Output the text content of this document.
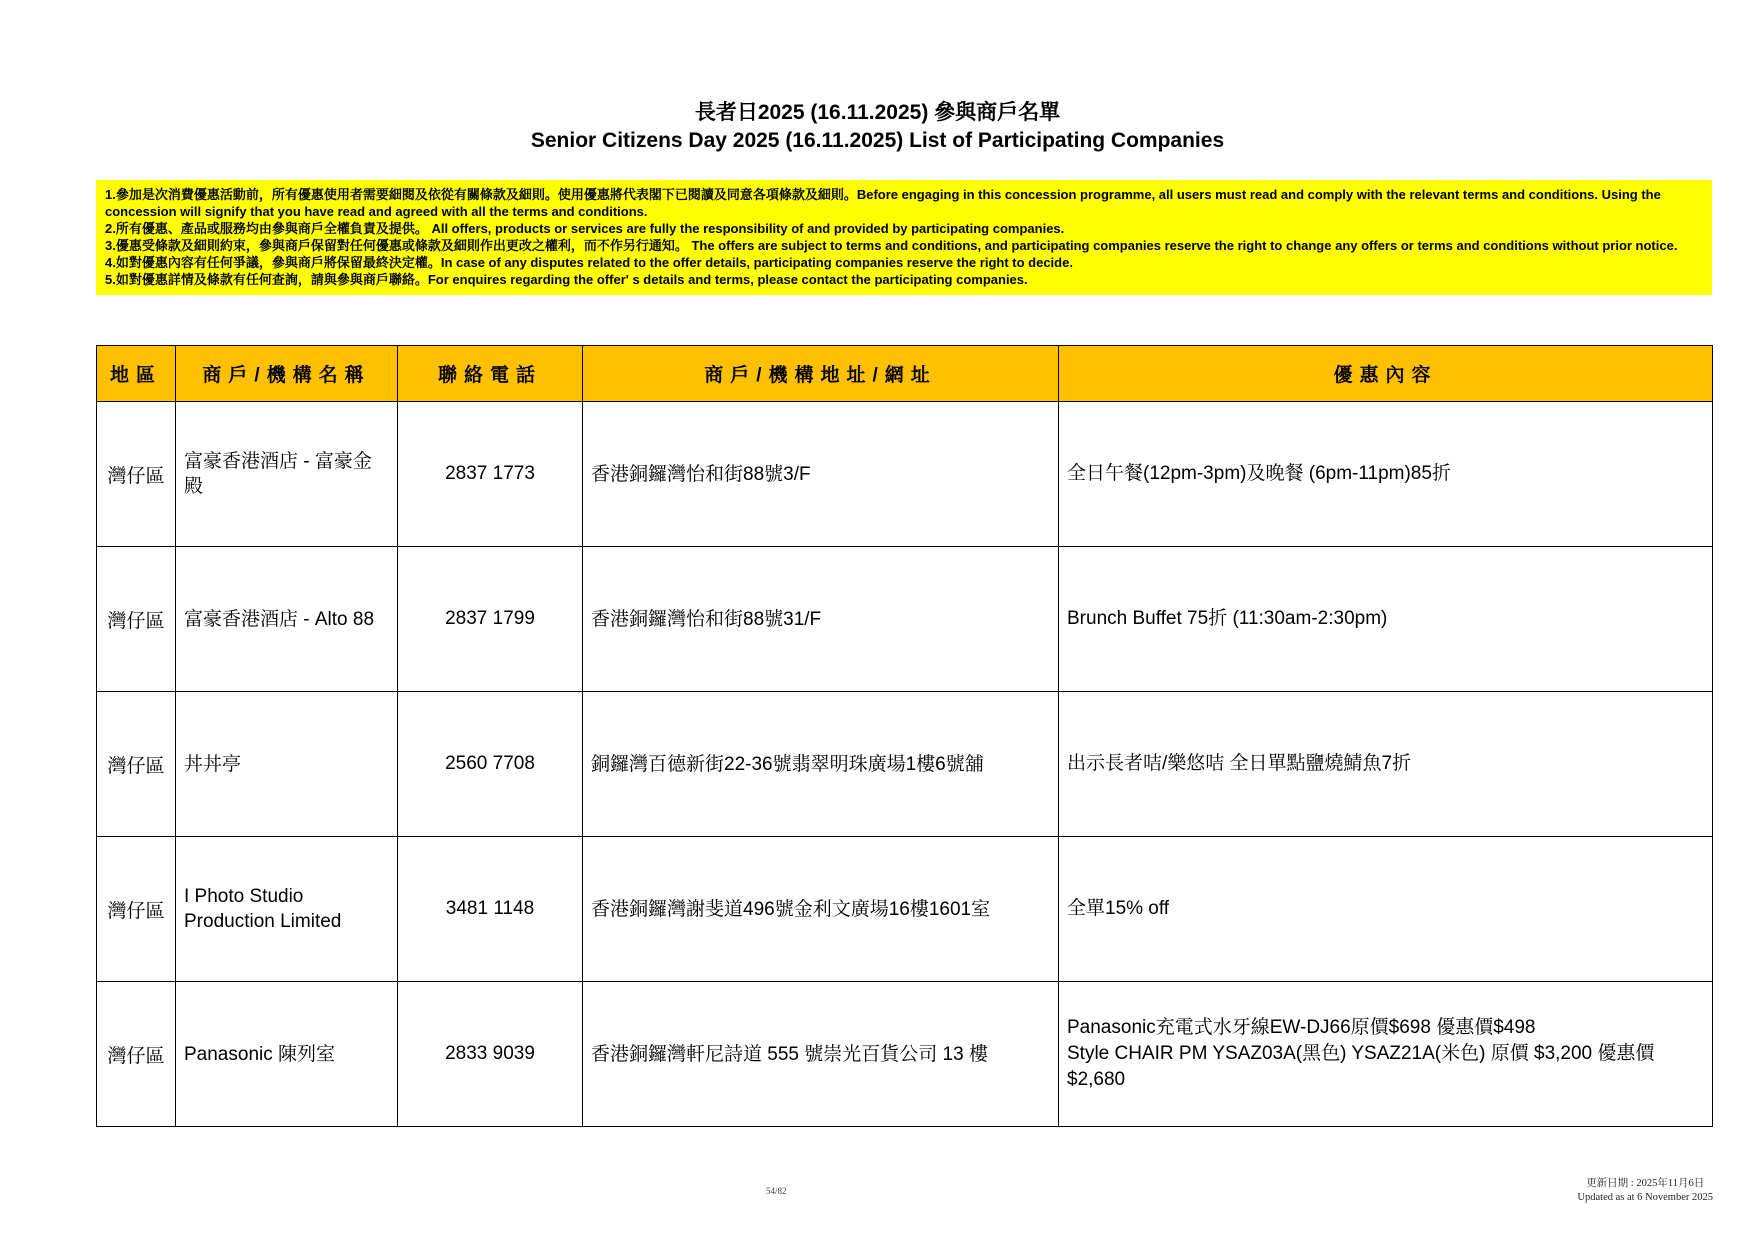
長者日2025 (16.11.2025) 參與商戶名單
Senior Citizens Day 2025 (16.11.2025) List of Participating Companies
1.參加是次消費優惠活動前，所有優惠使用者需要細閱及依從有關條款及細則。使用優惠將代表閣下已閱讀及同意各項條款及細則。Before engaging in this concession programme, all users must read and comply with the relevant terms and conditions. Using the concession will signify that you have read and agreed with all the terms and conditions.
2.所有優惠、產品或服務均由參與商戶全權負責及提供。 All offers, products or services are fully the responsibility of and provided by participating companies.
3.優惠受條款及細則約束，參與商戶保留對任何優惠或條款及細則作出更改之權利，而不作另行通知。 The offers are subject to terms and conditions, and participating companies reserve the right to change any offers or terms and conditions without prior notice.
4.如對優惠內容有任何爭議，參與商戶將保留最終決定權。In case of any disputes related to the offer details, participating companies reserve the right to decide.
5.如對優惠詳情及條款有任何查詢，請與參與商戶聯絡。For enquires regarding the offer' s details and terms, please contact the participating companies.
地區	商戶/機構名稱	聯絡電話	商戶/機構地址/網址	優惠內容
灣仔區	富豪香港酒店 - 富豪金殿	2837 1773	香港銅鑼灣怡和街88號3/F	全日午餐(12pm-3pm)及晚餐 (6pm-11pm)85折

灣仔區	富豪香港酒店 - Alto 88	2837 1799	香港銅鑼灣怡和街88號31/F	Brunch Buffet 75折 (11:30am-2:30pm)

灣仔區	丼丼亭	2560 7708	銅鑼灣百德新街22-36號翡翠明珠廣場1樓6號舖	出示長者咭/樂悠咭 全日單點鹽燒鯖魚7折

灣仔區	I Photo Studio Production Limited	3481 1148	香港銅鑼灣謝斐道496號金利文廣場16樓1601室	全單15% off

灣仔區	Panasonic 陳列室	2833 9039	香港銅鑼灣軒尼詩道 555 號崇光百貨公司 13 樓	Panasonic充電式水牙線EW-DJ66原價$698 優惠價$498
Style CHAIR PM YSAZ03A(黑色) YSAZ21A(米色) 原價 $3,200 優惠價 $2,680
54/82
更新日期 : 2025年11月6日
Updated as at 6 November 2025
